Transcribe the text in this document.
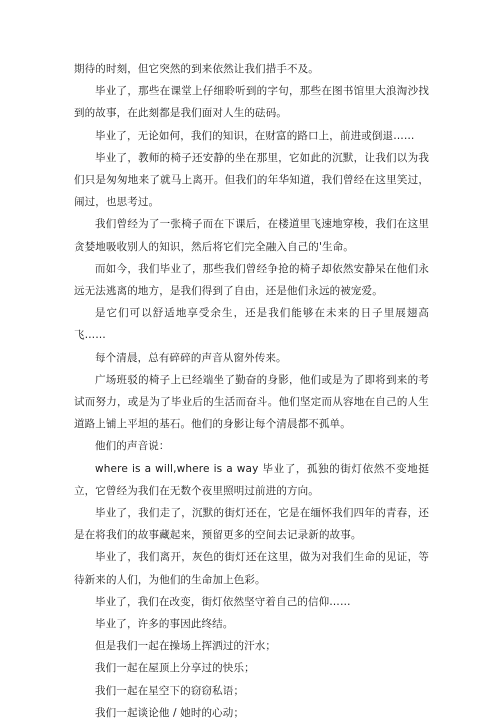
期待的时刻，但它突然的到来依然让我们措手不及。

毕业了，那些在课堂上仔细聆听到的字句，那些在图书馆里大浪淘沙找到的故事，在此刻都是我们面对人生的砝码。

毕业了，无论如何，我们的知识，在财富的路口上，前进或倒退……

毕业了，教师的椅子还安静的坐在那里，它如此的沉默，让我们以为我们只是匆匆地来了就马上离开。但我们的年华知道，我们曾经在这里笑过，闹过，也思考过。

我们曾经为了一张椅子而在下课后，在楼道里飞速地穿梭，我们在这里贪婪地吸收别人的知识，然后将它们完全融入自己的'生命。

而如今，我们毕业了，那些我们曾经争抢的椅子却依然安静呆在他们永远无法逃离的地方，是我们得到了自由，还是他们永远的被宠爱。

是它们可以舒适地享受余生，还是我们能够在未来的日子里展翅高飞……

每个清晨，总有碎碎的声音从窗外传来。

广场班驳的椅子上已经端坐了勤奋的身影，他们或是为了即将到来的考试而努力，或是为了毕业后的生活而奋斗。他们坚定而从容地在自己的人生道路上铺上平坦的基石。他们的身影让每个清晨都不孤单。

他们的声音说：

where is a will,where is a way 毕业了，孤独的街灯依然不变地挺立，它曾经为我们在无数个夜里照明过前进的方向。

毕业了，我们走了，沉默的街灯还在，它是在缅怀我们四年的青春，还是在将我们的故事藏起来，预留更多的空间去记录新的故事。

毕业了，我们离开，灰色的街灯还在这里，做为对我们生命的见证，等待新来的人们，为他们的生命加上色彩。

毕业了，我们在改变，街灯依然坚守着自己的信仰……

毕业了，许多的事因此终结。

但是我们一起在操场上挥洒过的汗水；

我们一起在屋顶上分享过的快乐；

我们一起在星空下的窃窃私语；

我们一起谈论他 / 她时的心动；
